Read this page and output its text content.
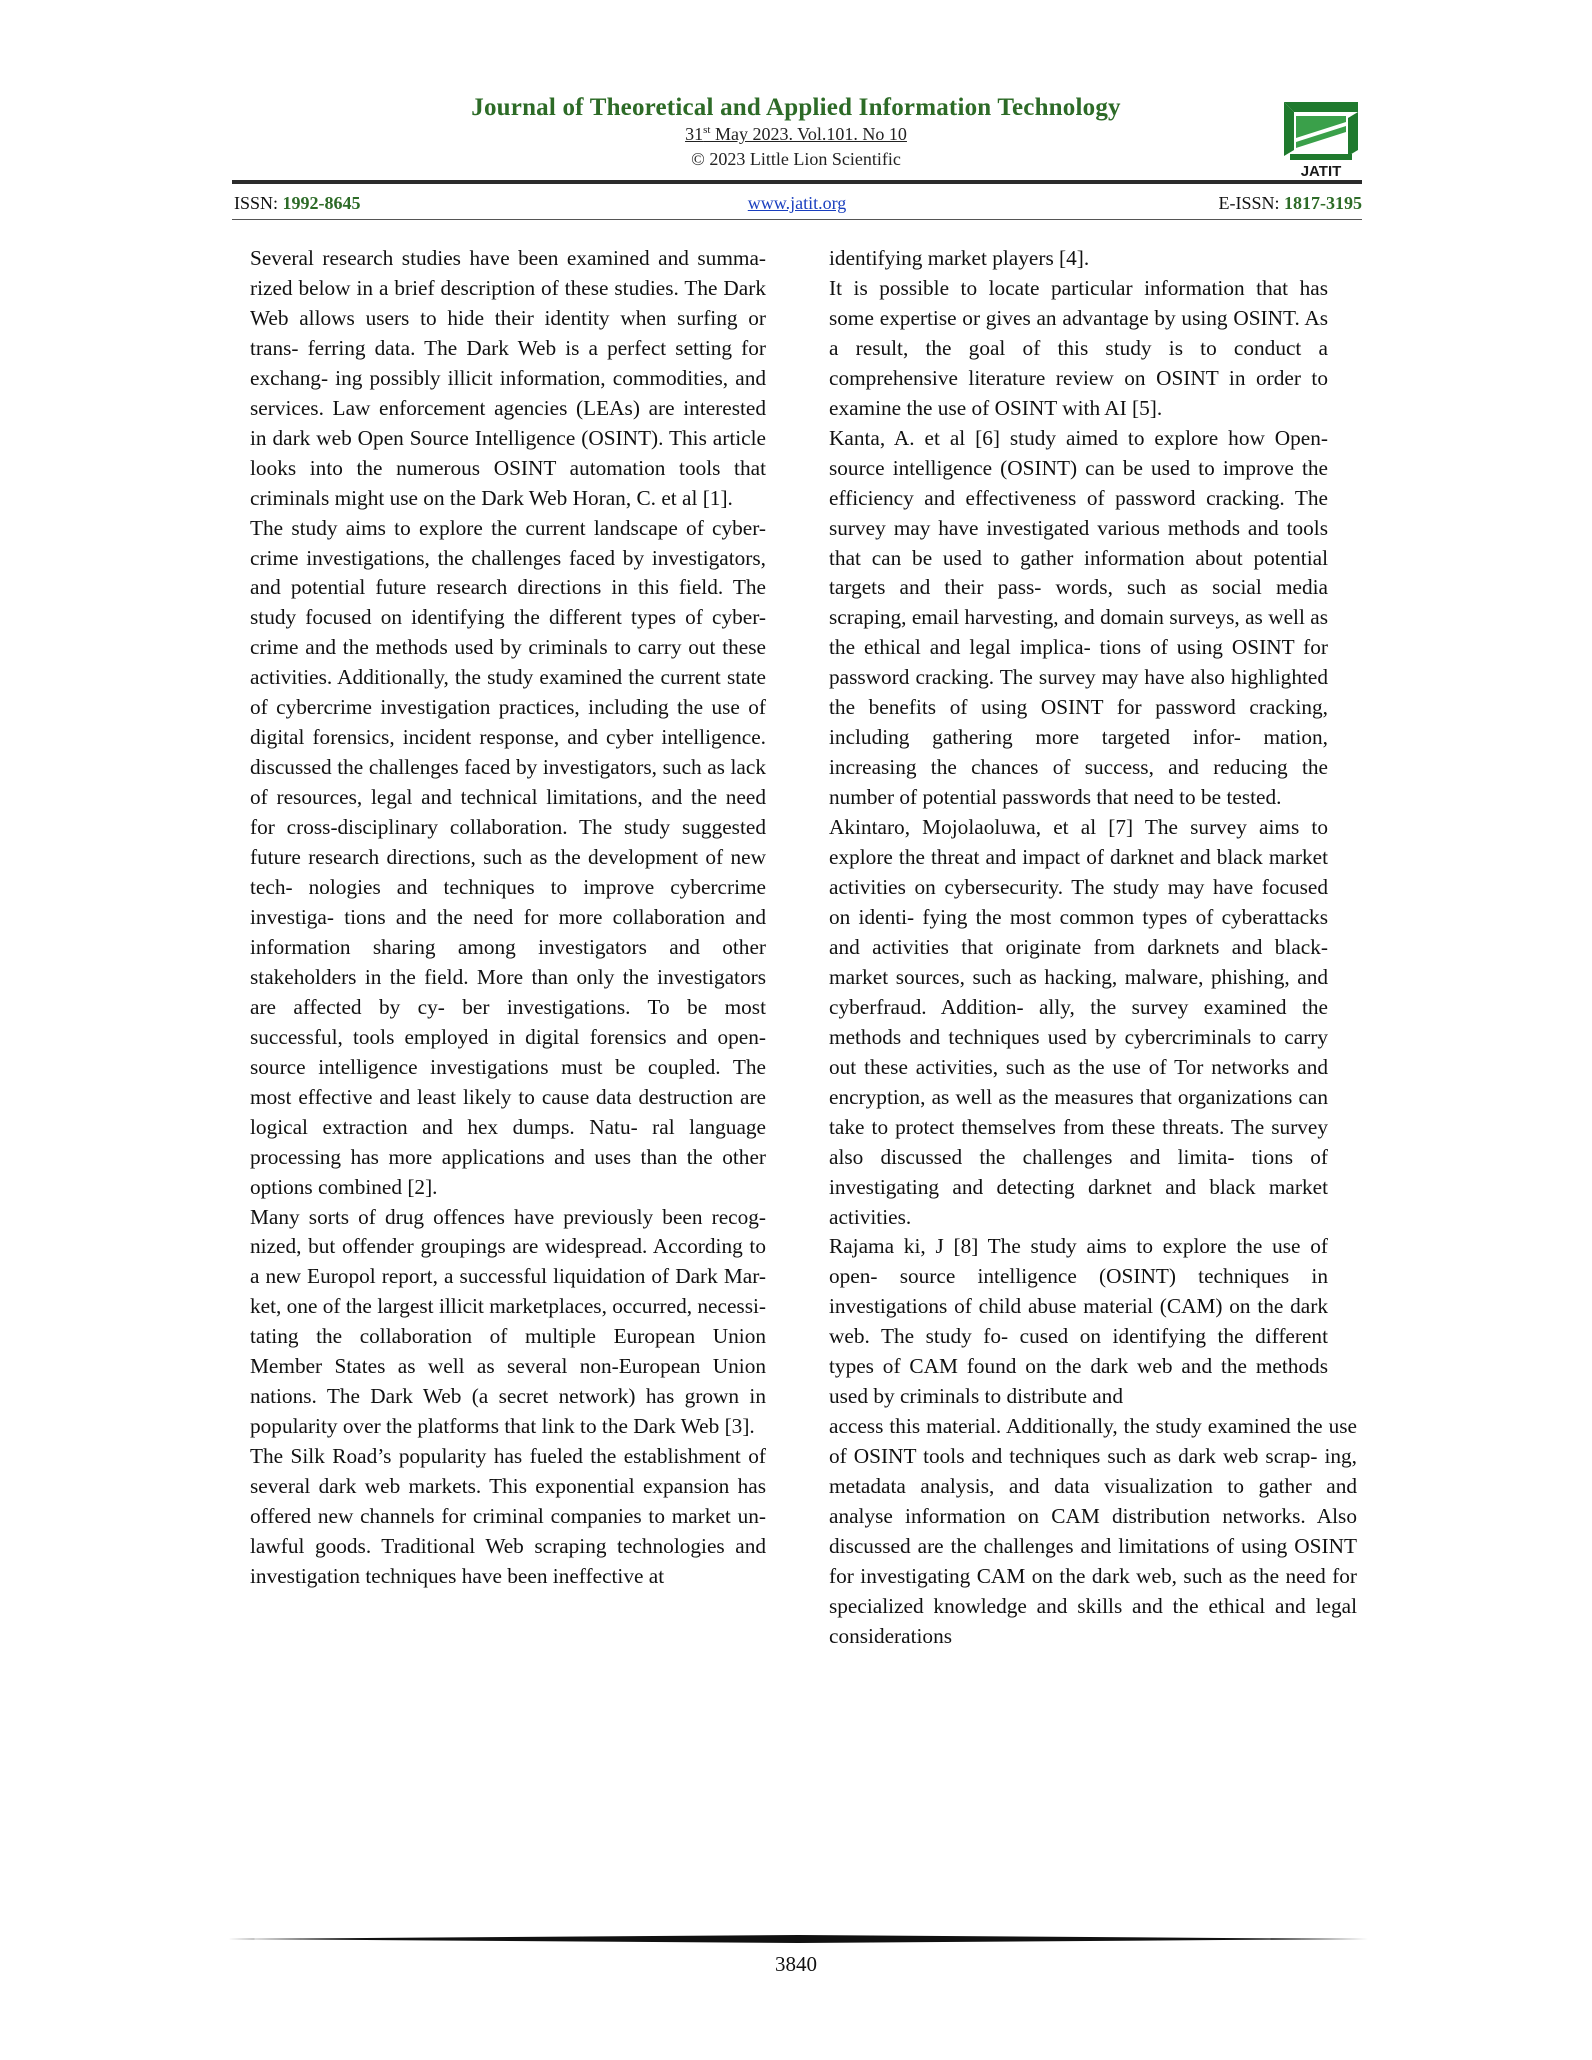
Journal of Theoretical and Applied Information Technology
31st May 2023. Vol.101. No 10
© 2023 Little Lion Scientific
JATIT
ISSN: 1992-8645	www.jatit.org	E-ISSN: 1817-3195

Several research studies have been examined and summa- rized below in a brief description of these studies. The Dark Web allows users to hide their identity when surfing or trans- ferring data. The Dark Web is a perfect setting for exchang- ing possibly illicit information, commodities, and services. Law enforcement agencies (LEAs) are interested in dark web Open Source Intelligence (OSINT). This article looks into the numerous OSINT automation tools that criminals might use on the Dark Web Horan, C. et al [1].

The study aims to explore the current landscape of cyber- crime investigations, the challenges faced by investigators, and potential future research directions in this field. The study focused on identifying the different types of cyber- crime and the methods used by criminals to carry out these activities. Additionally, the study examined the current state of cybercrime investigation practices, including the use of digital forensics, incident response, and cyber intelligence. discussed the challenges faced by investigators, such as lack of resources, legal and technical limitations, and the need for cross-disciplinary collaboration. The study suggested future research directions, such as the development of new tech- nologies and techniques to improve cybercrime investiga- tions and the need for more collaboration and information sharing among investigators and other stakeholders in the field. More than only the investigators are affected by cy- ber investigations. To be most successful, tools employed in digital forensics and open-source intelligence investigations must be coupled. The most effective and least likely to cause data destruction are logical extraction and hex dumps. Natu- ral language processing has more applications and uses than the other options combined [2].

Many sorts of drug offences have previously been recog- nized, but offender groupings are widespread. According to a new Europol report, a successful liquidation of Dark Mar- ket, one of the largest illicit marketplaces, occurred, necessi- tating the collaboration of multiple European Union Member States as well as several non-European Union nations. The Dark Web (a secret network) has grown in popularity over the platforms that link to the Dark Web [3].

The Silk Road’s popularity has fueled the establishment of several dark web markets. This exponential expansion has offered new channels for criminal companies to market un- lawful goods. Traditional Web scraping technologies and investigation techniques have been ineffective at

identifying market players [4].

It is possible to locate particular information that has some expertise or gives an advantage by using OSINT. As a result, the goal of this study is to conduct a comprehensive literature review on OSINT in order to examine the use of OSINT with AI [5].

Kanta, A. et al [6] study aimed to explore how Open-source intelligence (OSINT) can be used to improve the efficiency and effectiveness of password cracking. The survey may have investigated various methods and tools that can be used to gather information about potential targets and their pass- words, such as social media scraping, email harvesting, and domain surveys, as well as the ethical and legal implica- tions of using OSINT for password cracking. The survey may have also highlighted the benefits of using OSINT for password cracking, including gathering more targeted infor- mation, increasing the chances of success, and reducing the number of potential passwords that need to be tested.

Akintaro, Mojolaoluwa, et al [7] The survey aims to explore the threat and impact of darknet and black market activities on cybersecurity. The study may have focused on identi- fying the most common types of cyberattacks and activities that originate from darknets and black-market sources, such as hacking, malware, phishing, and cyberfraud. Addition- ally, the survey examined the methods and techniques used by cybercriminals to carry out these activities, such as the use of Tor networks and encryption, as well as the measures that organizations can take to protect themselves from these threats. The survey also discussed the challenges and limita- tions of investigating and detecting darknet and black market activities.

Rajama ki, J [8] The study aims to explore the use of open- source intelligence (OSINT) techniques in investigations of child abuse material (CAM) on the dark web. The study fo- cused on identifying the different types of CAM found on the dark web and the methods used by criminals to distribute and

access this material. Additionally, the study examined the use of OSINT tools and techniques such as dark web scrap- ing, metadata analysis, and data visualization to gather and analyse information on CAM distribution networks. Also discussed are the challenges and limitations of using OSINT for investigating CAM on the dark web, such as the need for specialized knowledge and skills and the ethical and legal considerations

3840
